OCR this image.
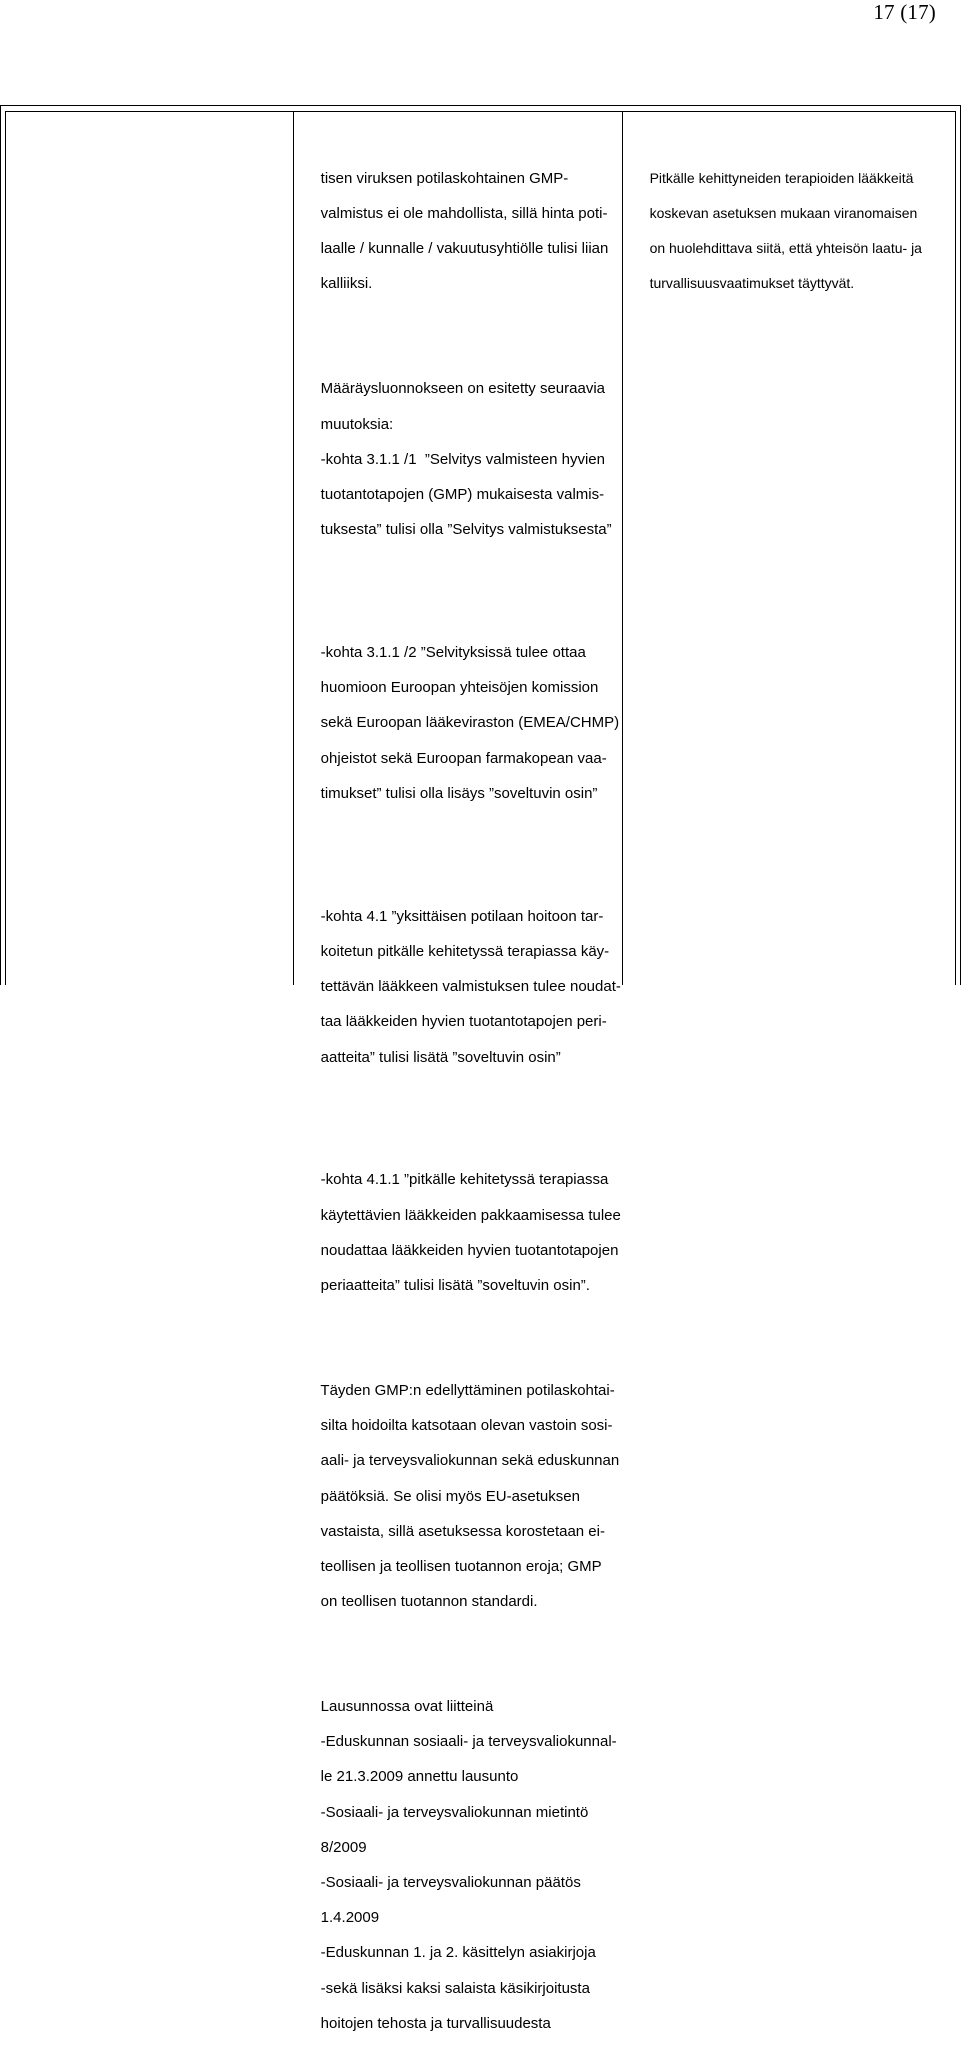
17 (17)

tisen viruksen potilaskohtainen GMP-

valmistus ei ole mahdollista, sillä hinta poti-

laalle / kunnalle / vakuutusyhtiölle tulisi liian

kalliiksi.

Määräysluonnokseen on esitetty seuraavia

muutoksia:

-kohta 3.1.1 /1  ”Selvitys valmisteen hyvien

tuotantotapojen (GMP) mukaisesta valmis-

tuksesta” tulisi olla ”Selvitys valmistuksesta”

-kohta 3.1.1 /2 ”Selvityksissä tulee ottaa

huomioon Euroopan yhteisöjen komission

sekä Euroopan lääkeviraston (EMEA/CHMP)

ohjeistot sekä Euroopan farmakopean vaa-

timukset” tulisi olla lisäys ”soveltuvin osin”

-kohta 4.1 ”yksittäisen potilaan hoitoon tar-

koitetun pitkälle kehitetyssä terapiassa käy-

tettävän lääkkeen valmistuksen tulee noudat-

taa lääkkeiden hyvien tuotantotapojen peri-

aatteita” tulisi lisätä ”soveltuvin osin”

-kohta 4.1.1 ”pitkälle kehitetyssä terapiassa

käytettävien lääkkeiden pakkaamisessa tulee

noudattaa lääkkeiden hyvien tuotantotapojen

periaatteita” tulisi lisätä ”soveltuvin osin”.

Täyden GMP:n edellyttäminen potilaskohtai-

silta hoidoilta katsotaan olevan vastoin sosi-

aali- ja terveysvaliokunnan sekä eduskunnan

päätöksiä. Se olisi myös EU-asetuksen

vastaista, sillä asetuksessa korostetaan ei-

teollisen ja teollisen tuotannon eroja; GMP

on teollisen tuotannon standardi.

Lausunnossa ovat liitteinä

-Eduskunnan sosiaali- ja terveysvaliokunnal-

le 21.3.2009 annettu lausunto

-Sosiaali- ja terveysvaliokunnan mietintö

8/2009

-Sosiaali- ja terveysvaliokunnan päätös

1.4.2009

-Eduskunnan 1. ja 2. käsittelyn asiakirjoja

-sekä lisäksi kaksi salaista käsikirjoitusta

hoitojen tehosta ja turvallisuudesta

Pitkälle kehittyneiden terapioiden lääkkeitä

koskevan asetuksen mukaan viranomaisen

on huolehdittava siitä, että yhteisön laatu- ja

turvallisuusvaatimukset täyttyvät.
